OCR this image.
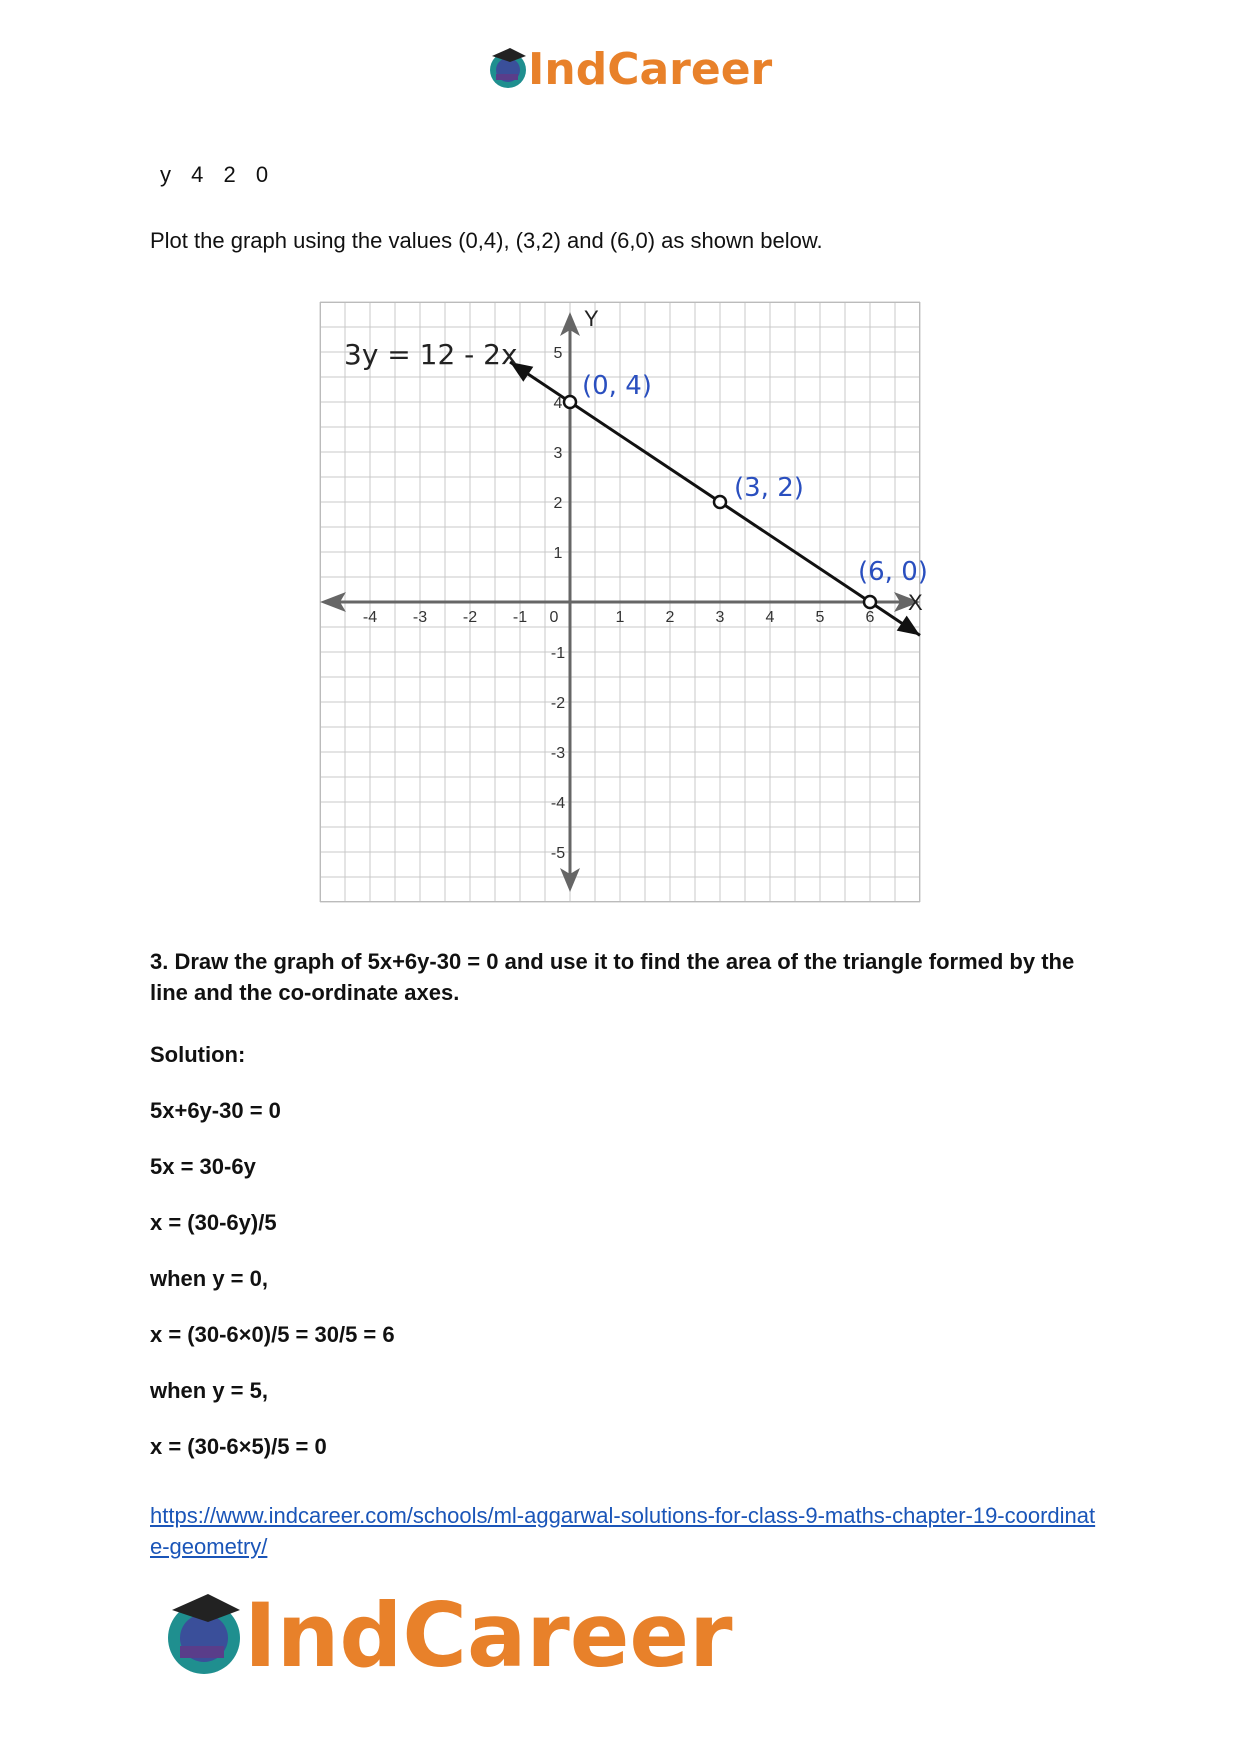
IndCareer
y 4 2 0
Plot the graph using the values (0,4), (3,2) and (6,0) as shown below.
Y
X
-4 -3 -2 -1 0	1	2	3	4	5	6
5
4
3
2
1
-1
-2
-3
-4
-5
3y = 12 - 2x
(0, 4)
(3, 2)
(6, 0)
3. Draw the graph of 5x+6y-30 = 0 and use it to find the area of the triangle formed by the line and the co-ordinate axes.
Solution:
5x+6y-30 = 0
5x = 30-6y
x = (30-6y)/5
when y = 0,
x = (30-6×0)/5 = 30/5 = 6
when y = 5,
x = (30-6×5)/5 = 0
https://www.indcareer.com/schools/ml-aggarwal-solutions-for-class-9-maths-chapter-19-coordinate-geometry/
IndCareer
